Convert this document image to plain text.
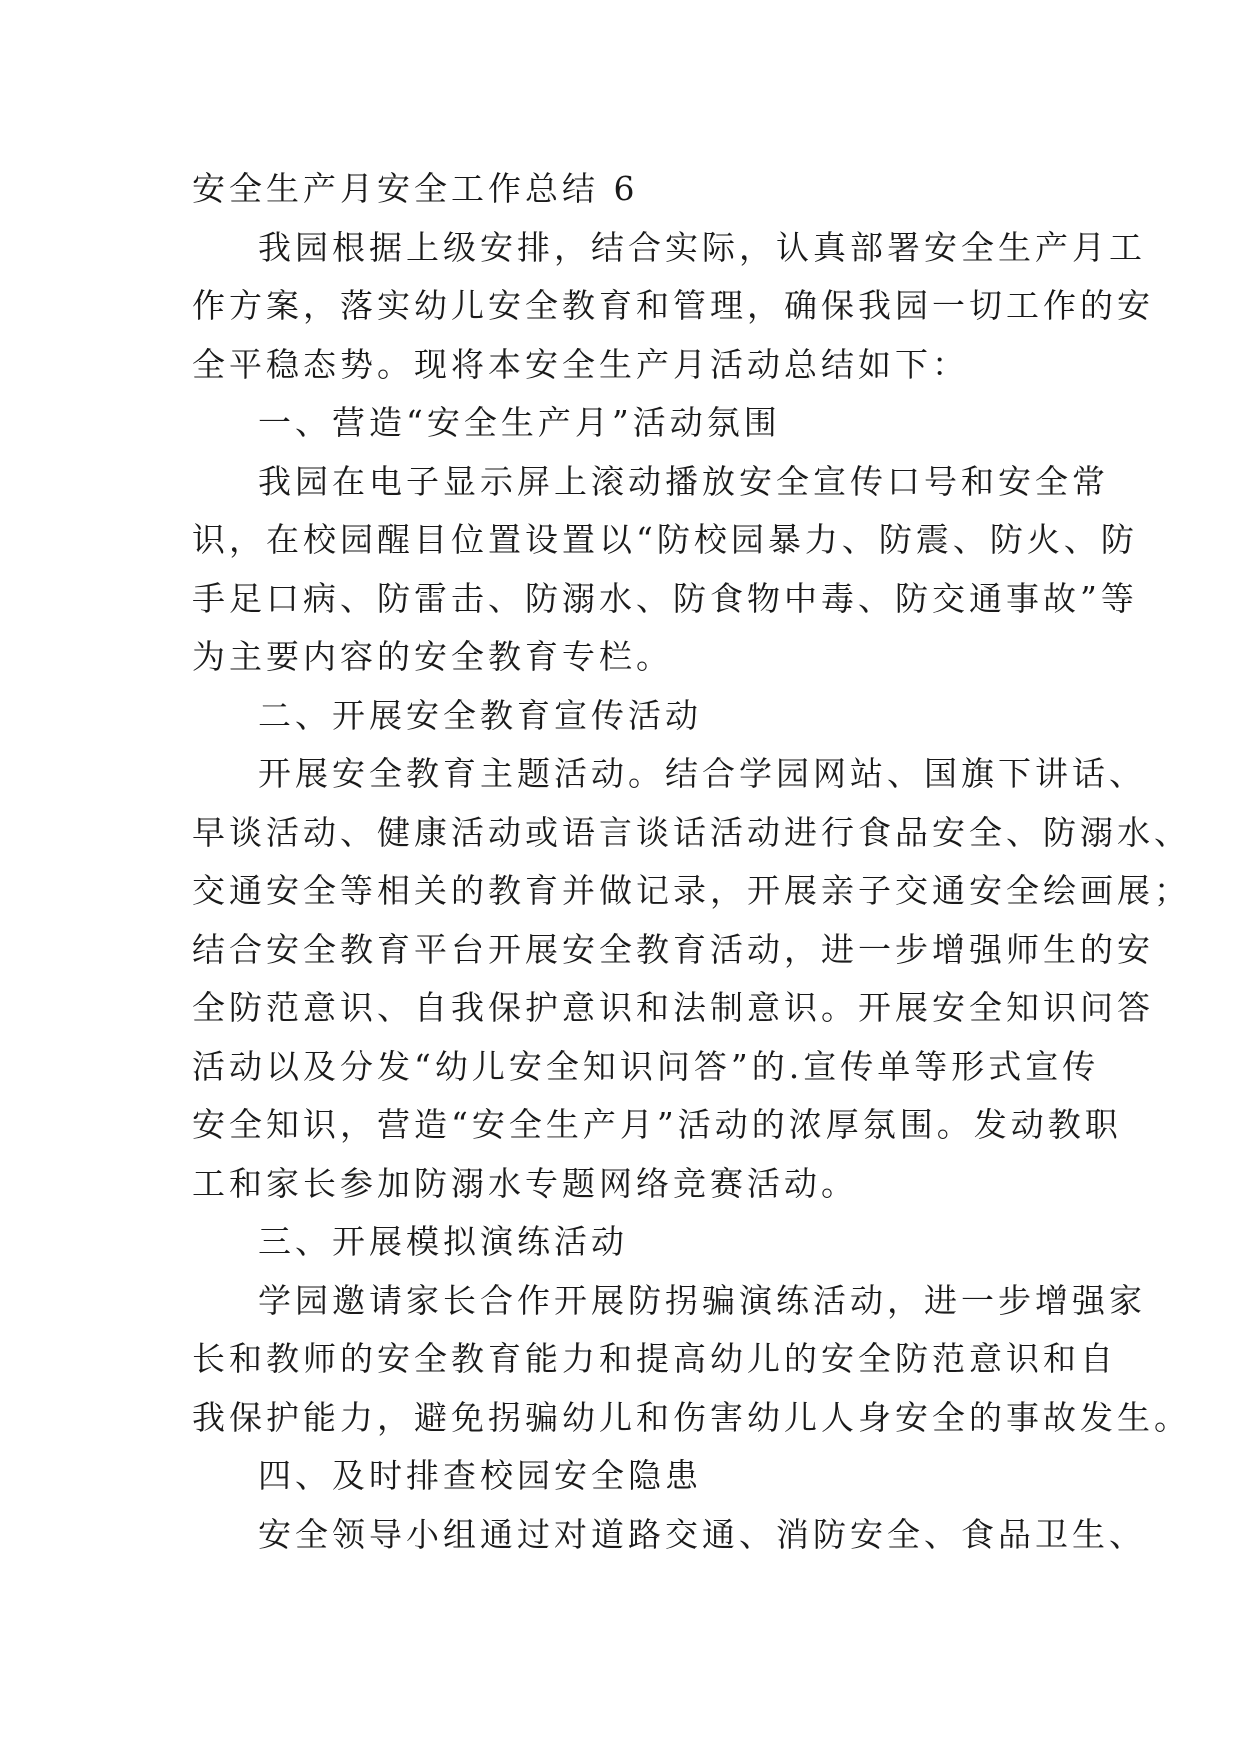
安全生产月安全工作总结 6
我园根据上级安排，结合实际，认真部署安全生产月工
作方案，落实幼儿安全教育和管理，确保我园一切工作的安
全平稳态势。现将本安全生产月活动总结如下：
一、营造“安全生产月”活动氛围
我园在电子显示屏上滚动播放安全宣传口号和安全常
识，在校园醒目位置设置以“防校园暴力、防震、防火、防
手足口病、防雷击、防溺水、防食物中毒、防交通事故”等
为主要内容的安全教育专栏。
二、开展安全教育宣传活动
开展安全教育主题活动。结合学园网站、国旗下讲话、
早谈活动、健康活动或语言谈话活动进行食品安全、防溺水、
交通安全等相关的教育并做记录，开展亲子交通安全绘画展；
结合安全教育平台开展安全教育活动，进一步增强师生的安
全防范意识、自我保护意识和法制意识。开展安全知识问答
活动以及分发“幼儿安全知识问答”的.宣传单等形式宣传
安全知识，营造“安全生产月”活动的浓厚氛围。发动教职
工和家长参加防溺水专题网络竞赛活动。
三、开展模拟演练活动
学园邀请家长合作开展防拐骗演练活动，进一步增强家
长和教师的安全教育能力和提高幼儿的安全防范意识和自
我保护能力，避免拐骗幼儿和伤害幼儿人身安全的事故发生。
四、及时排查校园安全隐患
安全领导小组通过对道路交通、消防安全、食品卫生、
